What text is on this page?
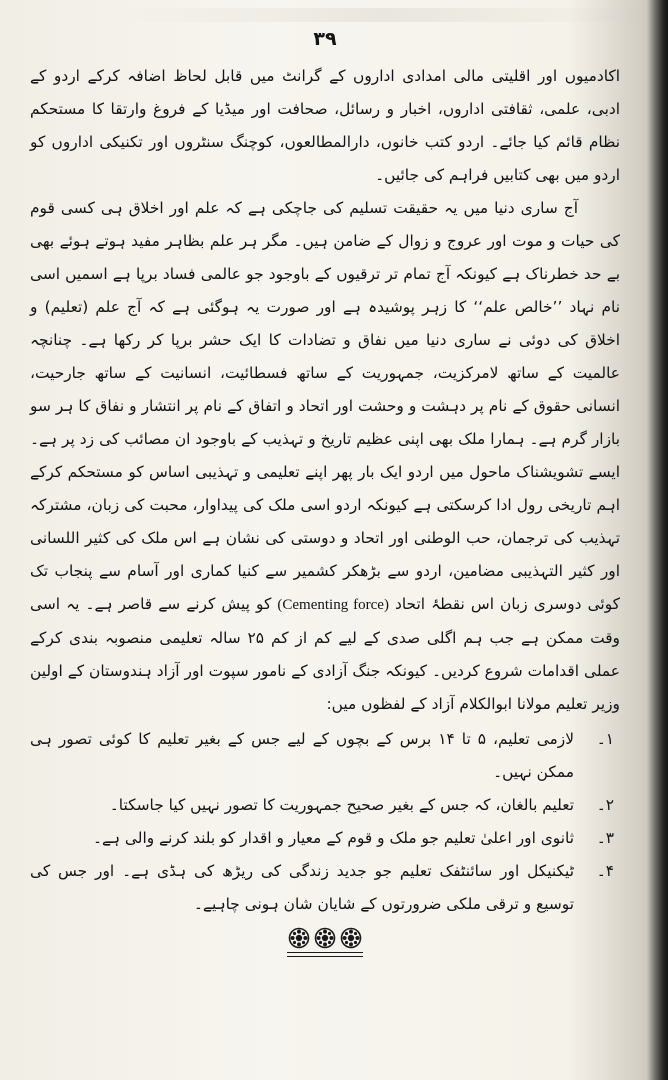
۳۹

اکادمیوں اور اقلیتی مالی امدادی اداروں کے گرانٹ میں قابل لحاظ اضافہ کرکے اردو کے ادبی، علمی، ثقافتی اداروں، اخبار و رسائل، صحافت اور میڈیا کے فروغ وارتقا کا مستحکم نظام قائم کیا جائے۔ اردو کتب خانوں، دارالمطالعوں، کوچنگ سنٹروں اور تکنیکی اداروں کو اردو میں بھی کتابیں فراہم کی جائیں۔

آج ساری دنیا میں یہ حقیقت تسلیم کی جاچکی ہے کہ علم اور اخلاق ہی کسی قوم کی حیات و موت اور عروج و زوال کے ضامن ہیں۔ مگر ہر علم بظاہر مفید ہوتے ہوئے بھی بے حد خطرناک ہے کیونکہ آج تمام تر ترقیوں کے باوجود جو عالمی فساد برپا ہے اسمیں اسی نام نہاد ’’خالص علم‘‘ کا زہر پوشیدہ ہے اور صورت یہ ہوگئی ہے کہ آج علم (تعلیم) و اخلاق کی دوئی نے ساری دنیا میں نفاق و تضادات کا ایک حشر برپا کر رکھا ہے۔ چنانچہ عالمیت کے ساتھ لامرکزیت، جمہوریت کے ساتھ فسطائیت، انسانیت کے ساتھ جارحیت، انسانی حقوق کے نام پر دہشت و وحشت اور اتحاد و اتفاق کے نام پر انتشار و نفاق کا ہر سو بازار گرم ہے۔ ہمارا ملک بھی اپنی عظیم تاریخ و تہذیب کے باوجود ان مصائب کی زد پر ہے۔ ایسے تشویشناک ماحول میں اردو ایک بار پھر اپنے تعلیمی و تہذیبی اساس کو مستحکم کرکے اہم تاریخی رول ادا کرسکتی ہے کیونکہ اردو اسی ملک کی پیداوار، محبت کی زبان، مشترکہ تہذیب کی ترجمان، حب الوطنی اور اتحاد و دوستی کی نشان ہے اس ملک کی کثیر اللسانی اور کثیر التہذیبی مضامین، اردو سے بڑھکر کشمیر سے کنیا کماری اور آسام سے پنجاب تک کوئی دوسری زبان اس نقطۂ اتحاد (Cementing force) کو پیش کرنے سے قاصر ہے۔ یہ اسی وقت ممکن ہے جب ہم اگلی صدی کے لیے کم از کم ۲۵ سالہ تعلیمی منصوبہ بندی کرکے عملی اقدامات شروع کردیں۔ کیونکہ جنگ آزادی کے نامور سپوت اور آزاد ہندوستان کے اولین وزیر تعلیم مولانا ابوالکلام آزاد کے لفظوں میں:

۱۔
لازمی تعلیم، ۵ تا ۱۴ برس کے بچوں کے لیے جس کے بغیر تعلیم کا کوئی تصور ہی ممکن نہیں۔
۲۔
تعلیم بالغان، کہ جس کے بغیر صحیح جمہوریت کا تصور نہیں کیا جاسکتا۔
۳۔
ثانوی اور اعلیٰ تعلیم جو ملک و قوم کے معیار و اقدار کو بلند کرنے والی ہے۔
۴۔
ٹیکنیکل اور سائنٹفک تعلیم جو جدید زندگی کی ریڑھ کی ہڈی ہے۔ اور جس کی توسیع و ترقی ملکی ضرورتوں کے شایان شان ہونی چاہیے۔
